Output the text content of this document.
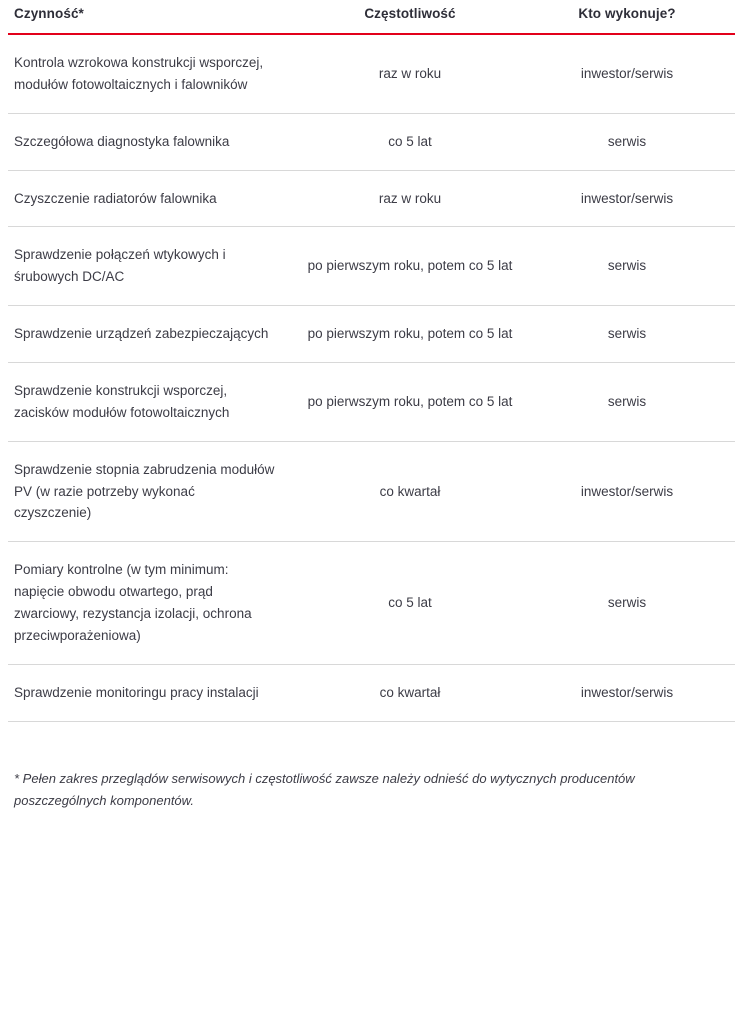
Czynność*	Częstotliwość	Kto wykonuje?

Kontrola wzrokowa konstrukcji wsporczej, modułów fotowoltaicznych i falowników	raz w roku	inwestor/serwis
Szczegółowa diagnostyka falownika	co 5 lat	serwis
Czyszczenie radiatorów falownika	raz w roku	inwestor/serwis
Sprawdzenie połączeń wtykowych i śrubowych DC/AC	po pierwszym roku, potem co 5 lat	serwis
Sprawdzenie urządzeń zabezpieczających	po pierwszym roku, potem co 5 lat	serwis
Sprawdzenie konstrukcji wsporczej, zacisków modułów fotowoltaicznych	po pierwszym roku, potem co 5 lat	serwis
Sprawdzenie stopnia zabrudzenia modułów PV (w razie potrzeby wykonać czyszczenie)	co kwartał	inwestor/serwis
Pomiary kontrolne (w tym minimum: napięcie obwodu otwartego, prąd zwarciowy, rezystancja izolacji, ochrona przeciwporażeniowa)	co 5 lat	serwis
Sprawdzenie monitoringu pracy instalacji	co kwartał	inwestor/serwis
* Pełen zakres przeglądów serwisowych i częstotliwość zawsze należy odnieść do wytycznych producentów poszczególnych komponentów.
